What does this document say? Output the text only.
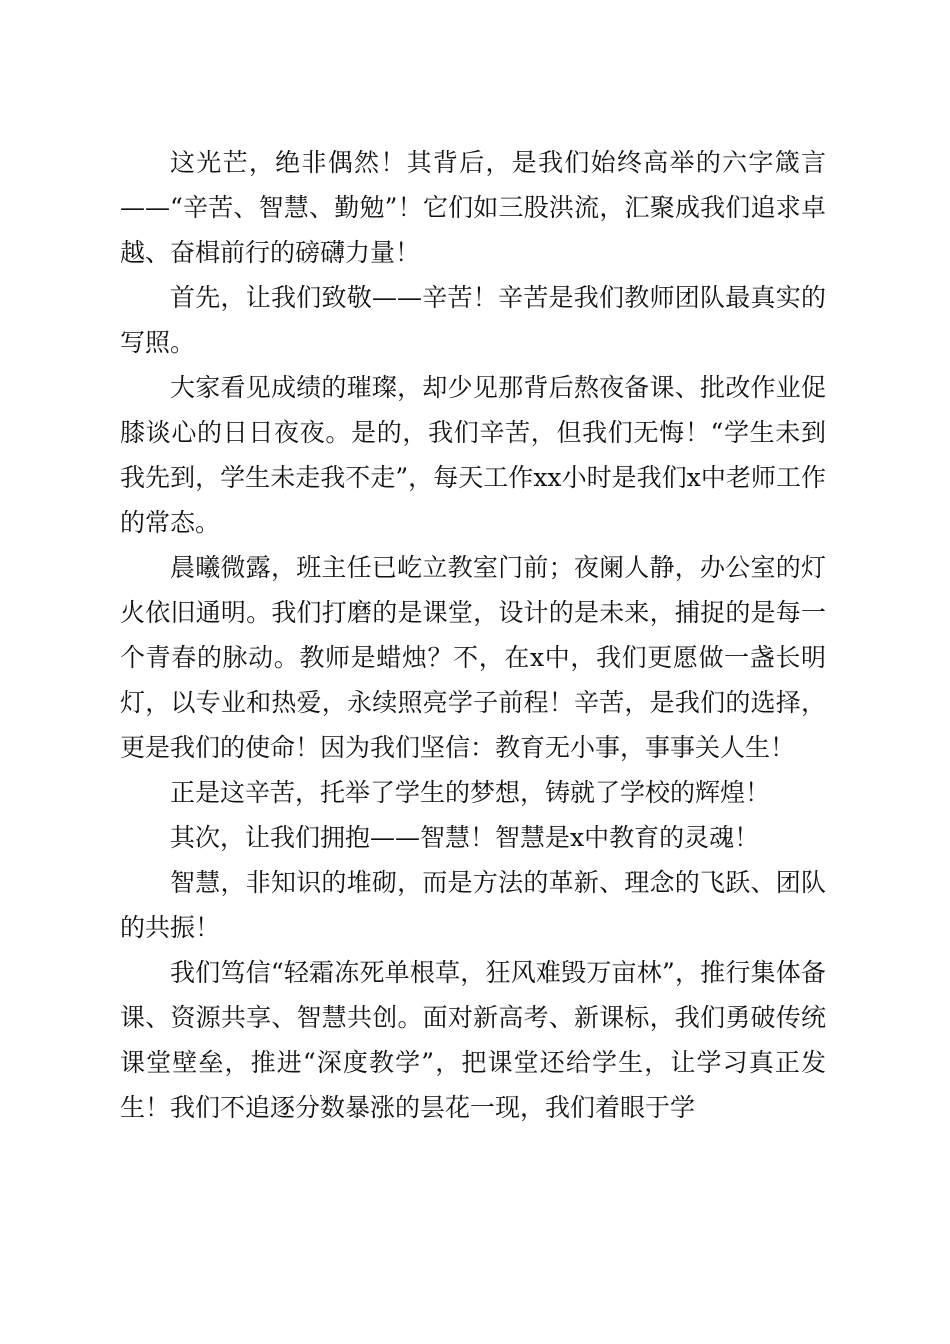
这光芒，绝非偶然！其背后，是我们始终高举的六字箴言——“辛苦、智慧、勤勉”！它们如三股洪流，汇聚成我们追求卓越、奋楫前行的磅礴力量！

首先，让我们致敬——辛苦！辛苦是我们教师团队最真实的写照。

大家看见成绩的璀璨，却少见那背后熬夜备课、批改作业促膝谈心的日日夜夜。是的，我们辛苦，但我们无悔！“学生未到我先到，学生未走我不走”，每天工作xx小时是我们x中老师工作的常态。

晨曦微露，班主任已屹立教室门前；夜阑人静，办公室的灯火依旧通明。我们打磨的是课堂，设计的是未来，捕捉的是每一个青春的脉动。教师是蜡烛？不，在x中，我们更愿做一盏长明灯，以专业和热爱，永续照亮学子前程！辛苦，是我们的选择，更是我们的使命！因为我们坚信：教育无小事，事事关人生！

正是这辛苦，托举了学生的梦想，铸就了学校的辉煌！

其次，让我们拥抱——智慧！智慧是x中教育的灵魂！

智慧，非知识的堆砌，而是方法的革新、理念的飞跃、团队的共振！

我们笃信“轻霜冻死单根草，狂风难毁万亩林”，推行集体备课、资源共享、智慧共创。面对新高考、新课标，我们勇破传统课堂壁垒，推进“深度教学”，把课堂还给学生，让学习真正发生！我们不追逐分数暴涨的昙花一现，我们着眼于学
